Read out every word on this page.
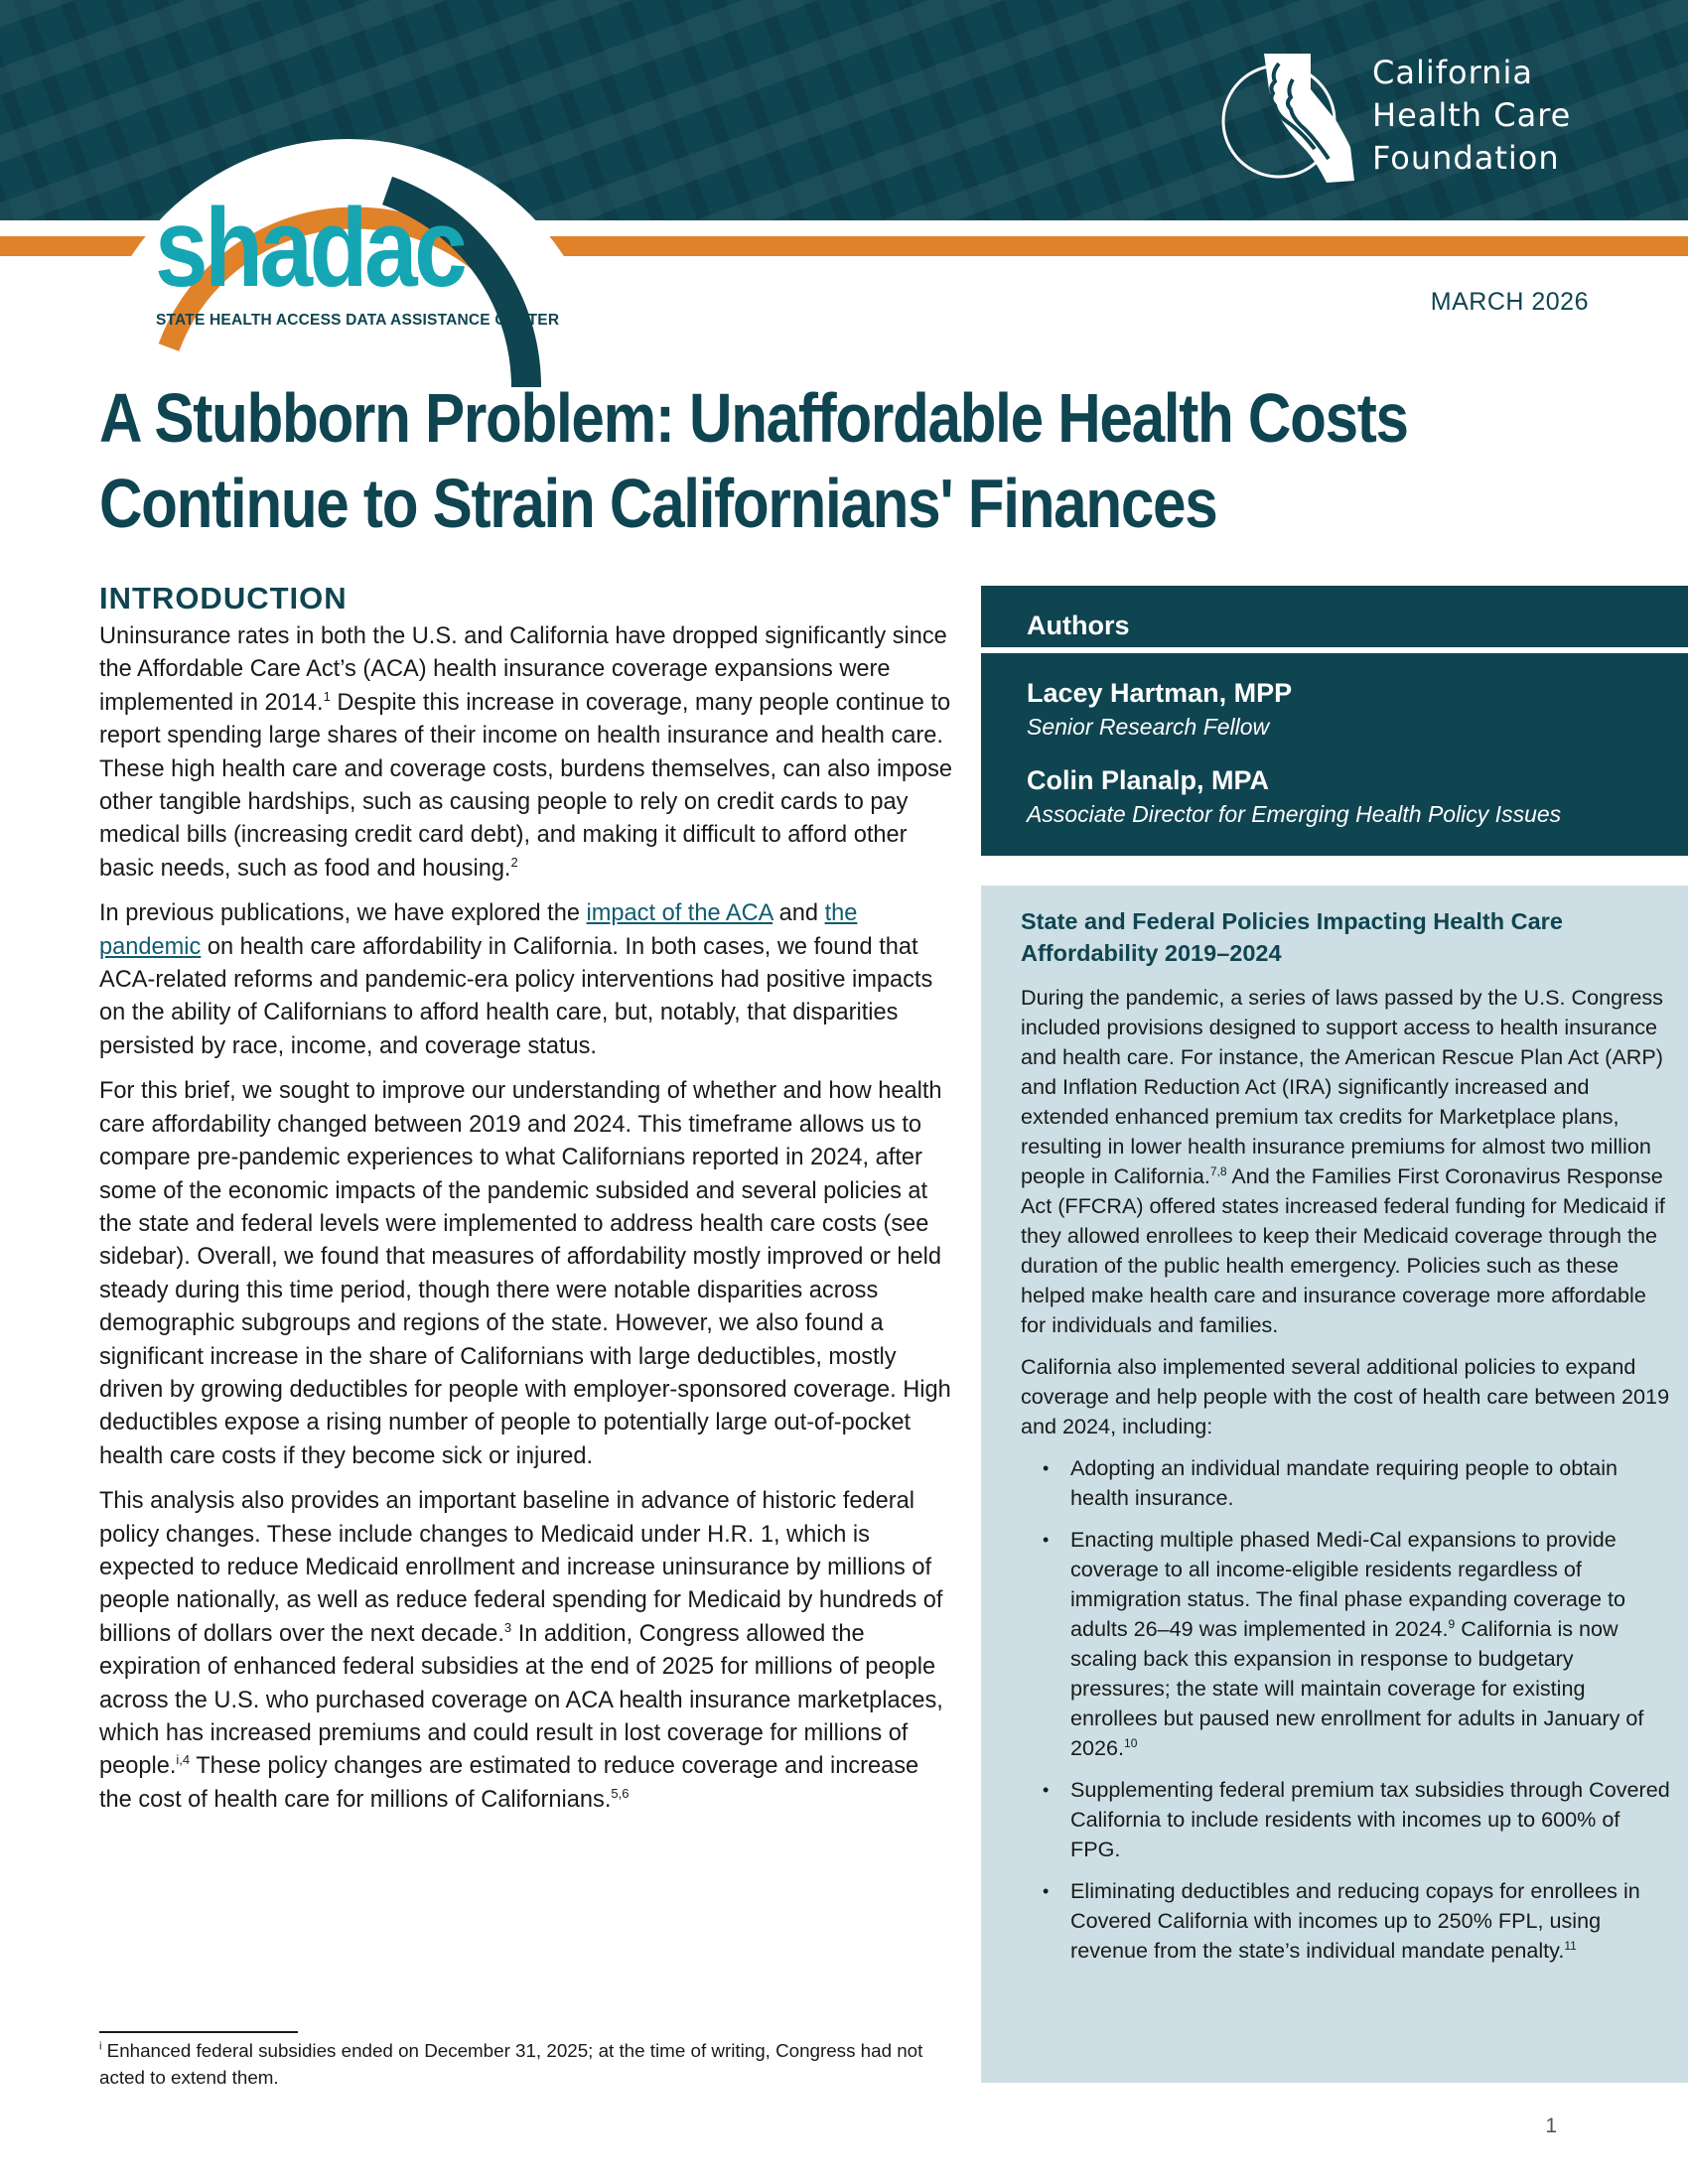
shadac

STATE HEALTH ACCESS DATA ASSISTANCE CENTER

California
Health Care
Foundation

MARCH 2026

A Stubborn Problem: Unaffordable Health Costs
Continue to Strain Californians' Finances
INTRODUCTION

Uninsurance rates in both the U.S. and California have dropped significantly since the Affordable Care Act’s (ACA) health insurance coverage expansions were implemented in 2014.$^1$ Despite this increase in coverage, many people continue to report spending large shares of their income on health insurance and health care. These high health care and coverage costs, burdens themselves, can also impose other tangible hardships, such as causing people to rely on credit cards to pay medical bills (increasing credit card debt), and making it difficult to afford other basic needs, such as food and housing.$^2$

In previous publications, we have explored the impact of the ACA and the pandemic on health care affordability in California. In both cases, we found that ACA-related reforms and pandemic-era policy interventions had positive impacts on the ability of Californians to afford health care, but, notably, that disparities persisted by race, income, and coverage status.

For this brief, we sought to improve our understanding of whether and how health care affordability changed between 2019 and 2024. This timeframe allows us to compare pre-pandemic experiences to what Californians reported in 2024, after some of the economic impacts of the pandemic subsided and several policies at the state and federal levels were implemented to address health care costs (see sidebar). Overall, we found that measures of affordability mostly improved or held steady during this time period, though there were notable disparities across demographic subgroups and regions of the state. However, we also found a significant increase in the share of Californians with large deductibles, mostly driven by growing deductibles for people with employer-sponsored coverage. High deductibles expose a rising number of people to potentially large out-of-pocket health care costs if they become sick or injured.

This analysis also provides an important baseline in advance of historic federal policy changes. These include changes to Medicaid under H.R. 1, which is expected to reduce Medicaid enrollment and increase uninsurance by millions of people nationally, as well as reduce federal spending for Medicaid by hundreds of billions of dollars over the next decade.$^3$ In addition, Congress allowed the expiration of enhanced federal subsidies at the end of 2025 for millions of people across the U.S. who purchased coverage on ACA health insurance marketplaces, which has increased premiums and could result in lost coverage for millions of people.$^{i,4}$ These policy changes are estimated to reduce coverage and increase the cost of health care for millions of Californians.$^{5,6}$

$^i$ Enhanced federal subsidies ended on December 31, 2025; at the time of writing, Congress had not acted to extend them.

Authors

Lacey Hartman, MPP

Senior Research Fellow

Colin Planalp, MPA

Associate Director for Emerging Health Policy Issues

State and Federal Policies Impacting Health Care Affordability 2019–2024

During the pandemic, a series of laws passed by the U.S. Congress included provisions designed to support access to health insurance and health care. For instance, the American Rescue Plan Act (ARP) and Inflation Reduction Act (IRA) significantly increased and extended enhanced premium tax credits for Marketplace plans, resulting in lower health insurance premiums for almost two million people in California.$^{7,8}$ And the Families First Coronavirus Response Act (FFCRA) offered states increased federal funding for Medicaid if they allowed enrollees to keep their Medicaid coverage through the duration of the public health emergency. Policies such as these helped make health care and insurance coverage more affordable for individuals and families.

California also implemented several additional policies to expand coverage and help people with the cost of health care between 2019 and 2024, including:

• Adopting an individual mandate requiring people to obtain health insurance.
• Enacting multiple phased Medi-Cal expansions to provide coverage to all income-eligible residents regardless of immigration status. The final phase expanding coverage to adults 26–49 was implemented in 2024.$^9$ California is now scaling back this expansion in response to budgetary pressures; the state will maintain coverage for existing enrollees but paused new enrollment for adults in January of 2026.10
• Supplementing federal premium tax subsidies through Covered California to include residents with incomes up to 600% of FPG.
• Eliminating deductibles and reducing copays for enrollees in Covered California with incomes up to 250% FPL, using revenue from the state’s individual mandate penalty.$^{11}$

1
